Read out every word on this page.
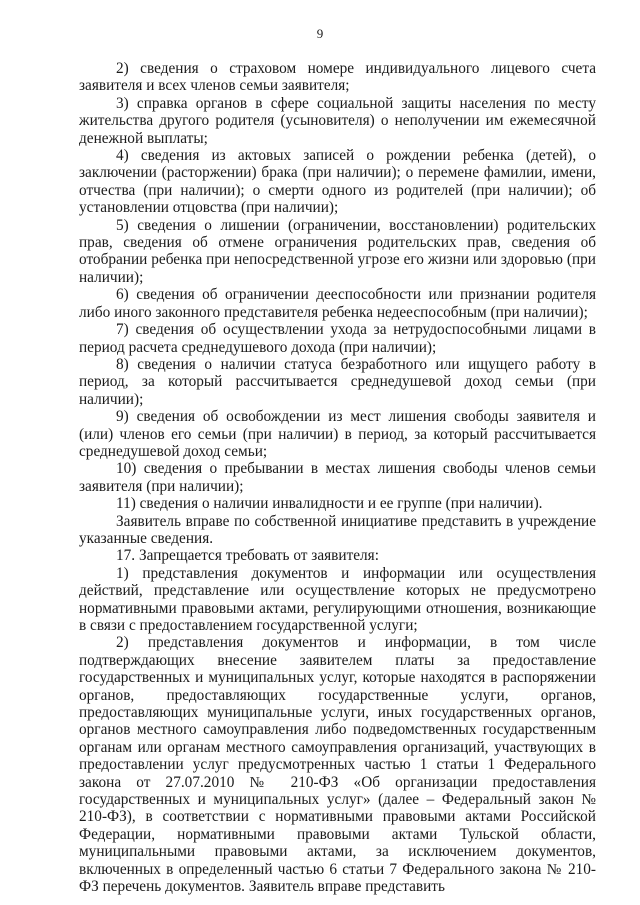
9

2) сведения о страховом номере индивидуального лицевого счета заявителя и всех членов семьи заявителя;

3) справка органов в сфере социальной защиты населения по месту жительства другого родителя (усыновителя) о неполучении им ежемесячной денежной выплаты;

4) сведения из актовых записей о рождении ребенка (детей), о заключении (расторжении) брака (при наличии); о перемене фамилии, имени, отчества (при наличии); о смерти одного из родителей (при наличии); об установлении отцовства (при наличии);

5) сведения о лишении (ограничении, восстановлении) родительских прав, сведения об отмене ограничения родительских прав, сведения об отобрании ребенка при непосредственной угрозе его жизни или здоровью (при наличии);

6) сведения об ограничении дееспособности или признании родителя либо иного законного представителя ребенка недееспособным (при наличии);

7) сведения об осуществлении ухода за нетрудоспособными лицами в период расчета среднедушевого дохода (при наличии);

8) сведения о наличии статуса безработного или ищущего работу в период, за который рассчитывается среднедушевой доход семьи (при наличии);

9) сведения об освобождении из мест лишения свободы заявителя и (или) членов его семьи (при наличии) в период, за который рассчитывается среднедушевой доход семьи;

10) сведения о пребывании в местах лишения свободы членов семьи заявителя (при наличии);

11) сведения о наличии инвалидности и ее группе (при наличии).

Заявитель вправе по собственной инициативе представить в учреждение указанные сведения.

17. Запрещается требовать от заявителя:

1) представления документов и информации или осуществления действий, представление или осуществление которых не предусмотрено нормативными правовыми актами, регулирующими отношения, возникающие в связи с предоставлением государственной услуги;

2) представления документов и информации, в том числе подтверждающих внесение заявителем платы за предоставление государственных и муниципальных услуг, которые находятся в распоряжении органов, предоставляющих государственные услуги, органов, предоставляющих муниципальные услуги, иных государственных органов, органов местного самоуправления либо подведомственных государственным органам или органам местного самоуправления организаций, участвующих в предоставлении услуг предусмотренных частью 1 статьи 1 Федерального закона от 27.07.2010 № 210-ФЗ «Об организации предоставления государственных и муниципальных услуг» (далее – Федеральный закон № 210-ФЗ), в соответствии с нормативными правовыми актами Российской Федерации, нормативными правовыми актами Тульской области, муниципальными правовыми актами, за исключением документов, включенных в определенный частью 6 статьи 7 Федерального закона № 210-ФЗ перечень документов. Заявитель вправе представить
